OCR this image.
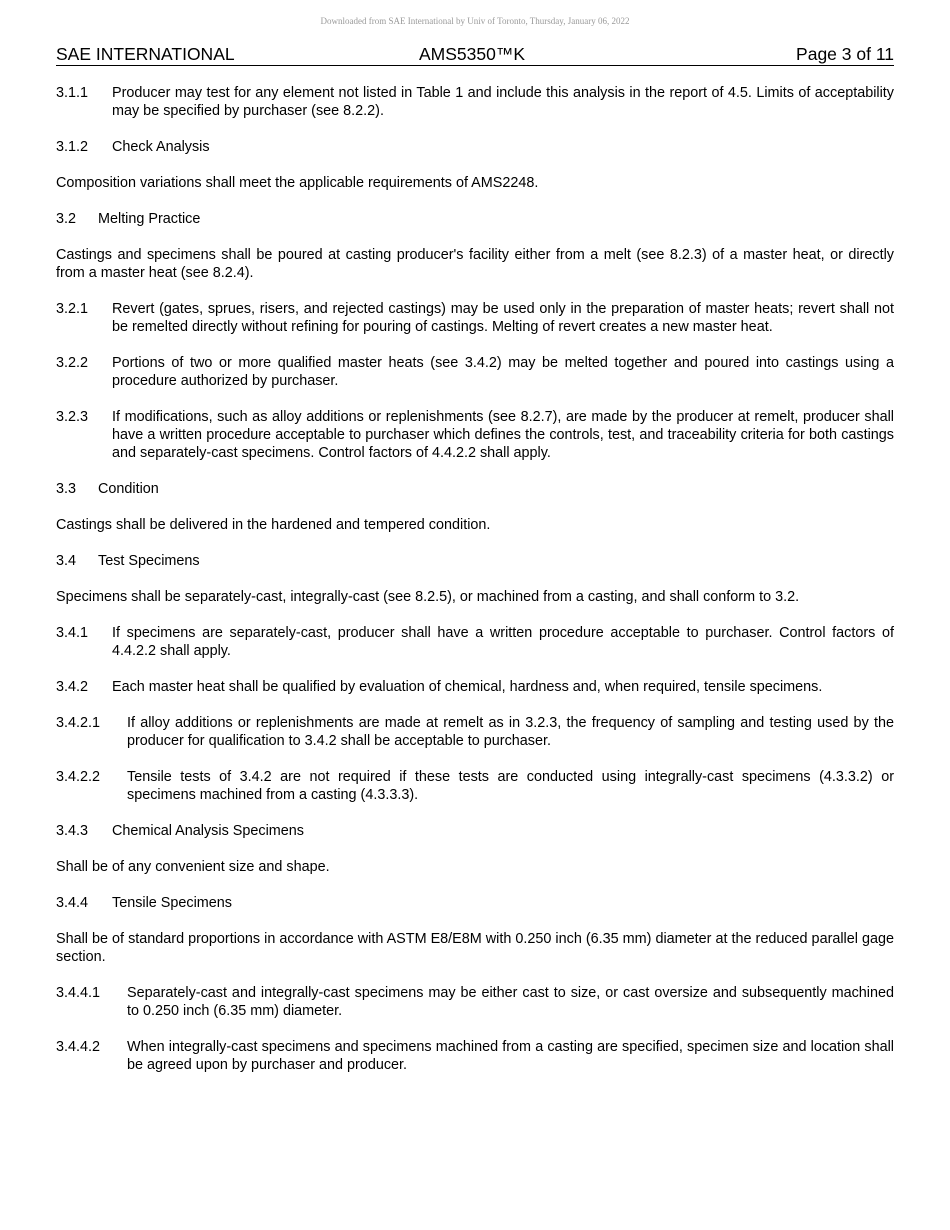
Downloaded from SAE International by Univ of Toronto, Thursday, January 06, 2022
SAE INTERNATIONAL	AMS5350™K	Page 3 of 11
3.1.1 Producer may test for any element not listed in Table 1 and include this analysis in the report of 4.5. Limits of acceptability may be specified by purchaser (see 8.2.2).
3.1.2 Check Analysis
Composition variations shall meet the applicable requirements of AMS2248.
3.2 Melting Practice
Castings and specimens shall be poured at casting producer's facility either from a melt (see 8.2.3) of a master heat, or directly from a master heat (see 8.2.4).
3.2.1 Revert (gates, sprues, risers, and rejected castings) may be used only in the preparation of master heats; revert shall not be remelted directly without refining for pouring of castings. Melting of revert creates a new master heat.
3.2.2 Portions of two or more qualified master heats (see 3.4.2) may be melted together and poured into castings using a procedure authorized by purchaser.
3.2.3 If modifications, such as alloy additions or replenishments (see 8.2.7), are made by the producer at remelt, producer shall have a written procedure acceptable to purchaser which defines the controls, test, and traceability criteria for both castings and separately-cast specimens. Control factors of 4.4.2.2 shall apply.
3.3 Condition
Castings shall be delivered in the hardened and tempered condition.
3.4 Test Specimens
Specimens shall be separately-cast, integrally-cast (see 8.2.5), or machined from a casting, and shall conform to 3.2.
3.4.1 If specimens are separately-cast, producer shall have a written procedure acceptable to purchaser. Control factors of 4.4.2.2 shall apply.
3.4.2 Each master heat shall be qualified by evaluation of chemical, hardness and, when required, tensile specimens.
3.4.2.1 If alloy additions or replenishments are made at remelt as in 3.2.3, the frequency of sampling and testing used by the producer for qualification to 3.4.2 shall be acceptable to purchaser.
3.4.2.2 Tensile tests of 3.4.2 are not required if these tests are conducted using integrally-cast specimens (4.3.3.2) or specimens machined from a casting (4.3.3.3).
3.4.3 Chemical Analysis Specimens
Shall be of any convenient size and shape.
3.4.4 Tensile Specimens
Shall be of standard proportions in accordance with ASTM E8/E8M with 0.250 inch (6.35 mm) diameter at the reduced parallel gage section.
3.4.4.1 Separately-cast and integrally-cast specimens may be either cast to size, or cast oversize and subsequently machined to 0.250 inch (6.35 mm) diameter.
3.4.4.2 When integrally-cast specimens and specimens machined from a casting are specified, specimen size and location shall be agreed upon by purchaser and producer.
